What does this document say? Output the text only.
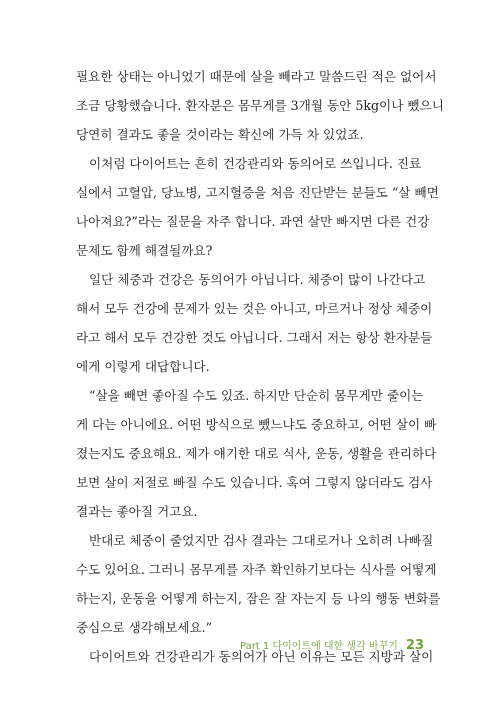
필요한 상태는 아니었기 때문에 살을 빼라고 말씀드린 적은 없어서
조금 당황했습니다. 환자분은 몸무게를 3개월 동안 5kg이나 뺐으니
당연히 결과도 좋을 것이라는 확신에 가득 차 있었죠.
이처럼 다이어트는 흔히 건강관리와 동의어로 쓰입니다. 진료
실에서 고혈압, 당뇨병, 고지혈증을 처음 진단받는 분들도 “살 빼면
나아져요?”라는 질문을 자주 합니다. 과연 살만 빠지면 다른 건강
문제도 함께 해결될까요?
일단 체중과 건강은 동의어가 아닙니다. 체중이 많이 나간다고
해서 모두 건강에 문제가 있는 것은 아니고, 마르거나 정상 체중이
라고 해서 모두 건강한 것도 아닙니다. 그래서 저는 항상 환자분들
에게 이렇게 대답합니다.
“살을 빼면 좋아질 수도 있죠. 하지만 단순히 몸무게만 줄이는
게 다는 아니에요. 어떤 방식으로 뺐느냐도 중요하고, 어떤 살이 빠
졌는지도 중요해요. 제가 얘기한 대로 식사, 운동, 생활을 관리하다
보면 살이 저절로 빠질 수도 있습니다. 혹여 그렇지 않더라도 검사
결과는 좋아질 거고요.
반대로 체중이 줄었지만 검사 결과는 그대로거나 오히려 나빠질
수도 있어요. 그러니 몸무게를 자주 확인하기보다는 식사를 어떻게
하는지, 운동을 어떻게 하는지, 잠은 잘 자는지 등 나의 행동 변화를
중심으로 생각해보세요.”
다이어트와 건강관리가 동의어가 아닌 이유는 모든 지방과 살이
Part 1 다이어트에 대한 생각 바꾸기 23
